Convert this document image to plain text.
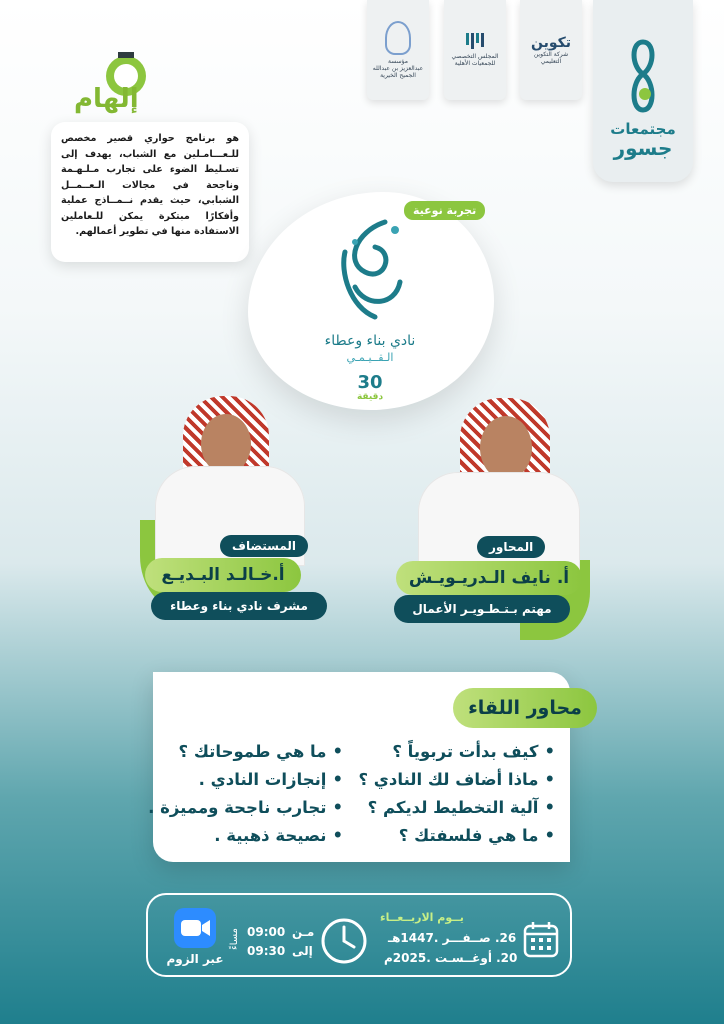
مجتمعات
جسور
تكوين
شركة التكوين التعليمي
المجلس التخصصي
للجمعيات الأهلية
مؤسسة
عبدالعزيز بن عبدالله الجميح الخيرية
إلهام
هو برنامج حواري قصير مخصص للـعـــامـلين مع الشباب، يهدف إلى تسـليط الضوء على تجارب مـلـهـمة وناجحة في مجالات الـعــمــل الشبابي، حيث يقدم نــمــاذج عملية وأفكارًا مبتكرة يمكن للـعاملين الاستفادة منها في تطوير أعمالهم.
تجربة نوعية
نادي بناء وعطاء
الـقــيـمـي
30
دقيقة
المستضاف
أ.خـالـد البـديـع
مشرف نادي بناء وعطاء
المحاور
أ. نايف الـدريـويـش
مهتم بـتـطـويـر الأعمال
محاور اللقاء
•كيف بدأت تربوياً ؟
•ماذا أضاف لك النادي ؟
•آلية التخطيط لديكم ؟
•ما هي فلسفتك ؟
•ما هي طموحاتك ؟
•إنجازات النادي .
•تجارب ناجحة ومميزة .
•نصيحة ذهبية .
يــوم الاربــعــاء
26. صــفـــر .1447هـ
20. أوغــسـت .2025م
مـن
09:00
إلى
09:30
مساءً
عبر الزوم
